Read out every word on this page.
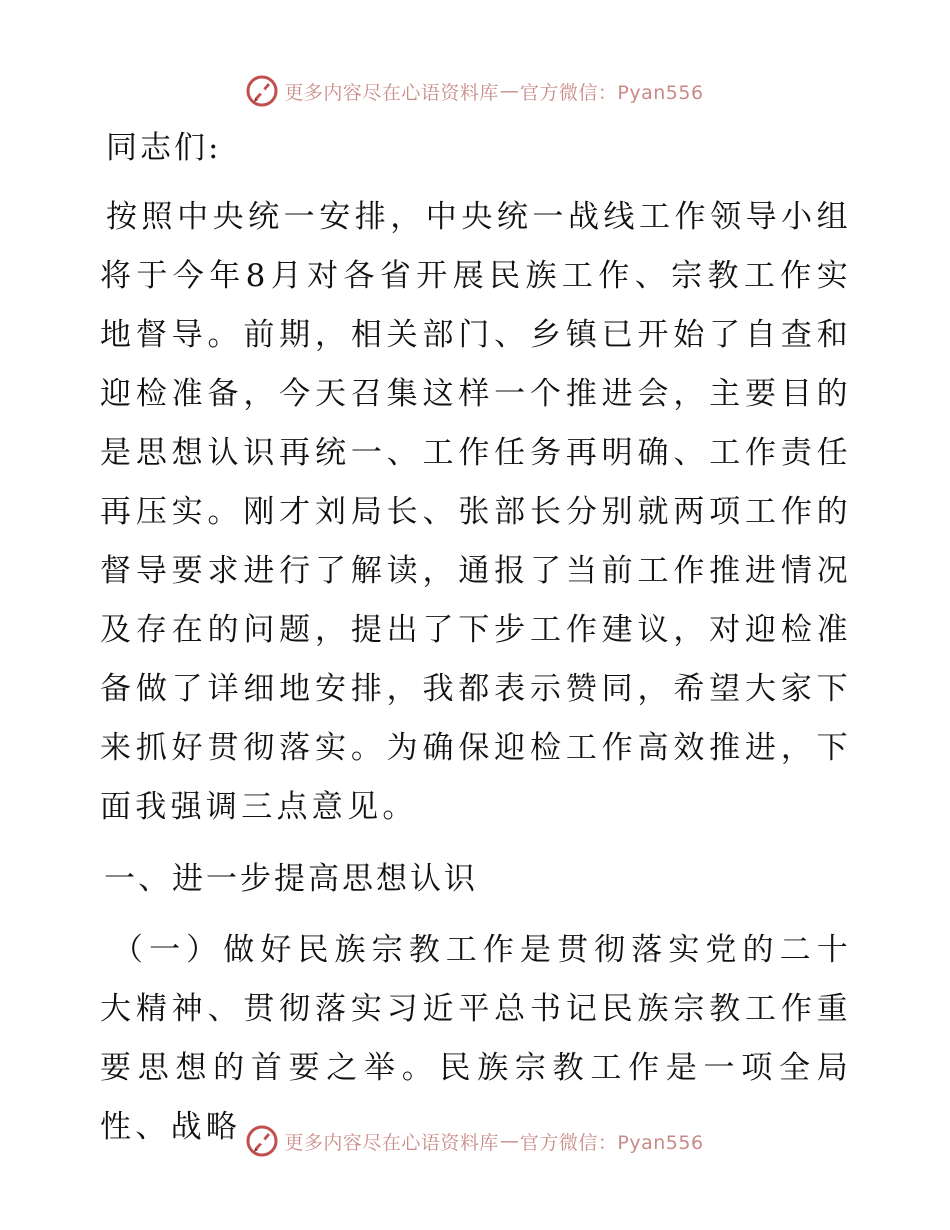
更多内容尽在心语资料库 — 官方微信：Pyan556

同志们:

按照中央统一安排，中央统一战线工作领导小组将于今年8月对各省开展民族工作、宗教工作实地督导。前期，相关部门、乡镇已开始了自查和迎检准备，今天召集这样一个推进会，主要目的是思想认识再统一、工作任务再明确、工作责任再压实。刚才刘局长、张部长分别就两项工作的督导要求进行了解读，通报了当前工作推进情况及存在的问题，提出了下步工作建议，对迎检准备做了详细地安排，我都表示赞同，希望大家下来抓好贯彻落实。为确保迎检工作高效推进，下面我强调三点意见。

一、进一步提高思想认识

（一）做好民族宗教工作是贯彻落实党的二十大精神、贯彻落实习近平总书记民族宗教工作重要思想的首要之举。民族宗教工作是一项全局性、战略	更多内容尽在心语资料库 — 官方微信：Pyan556
